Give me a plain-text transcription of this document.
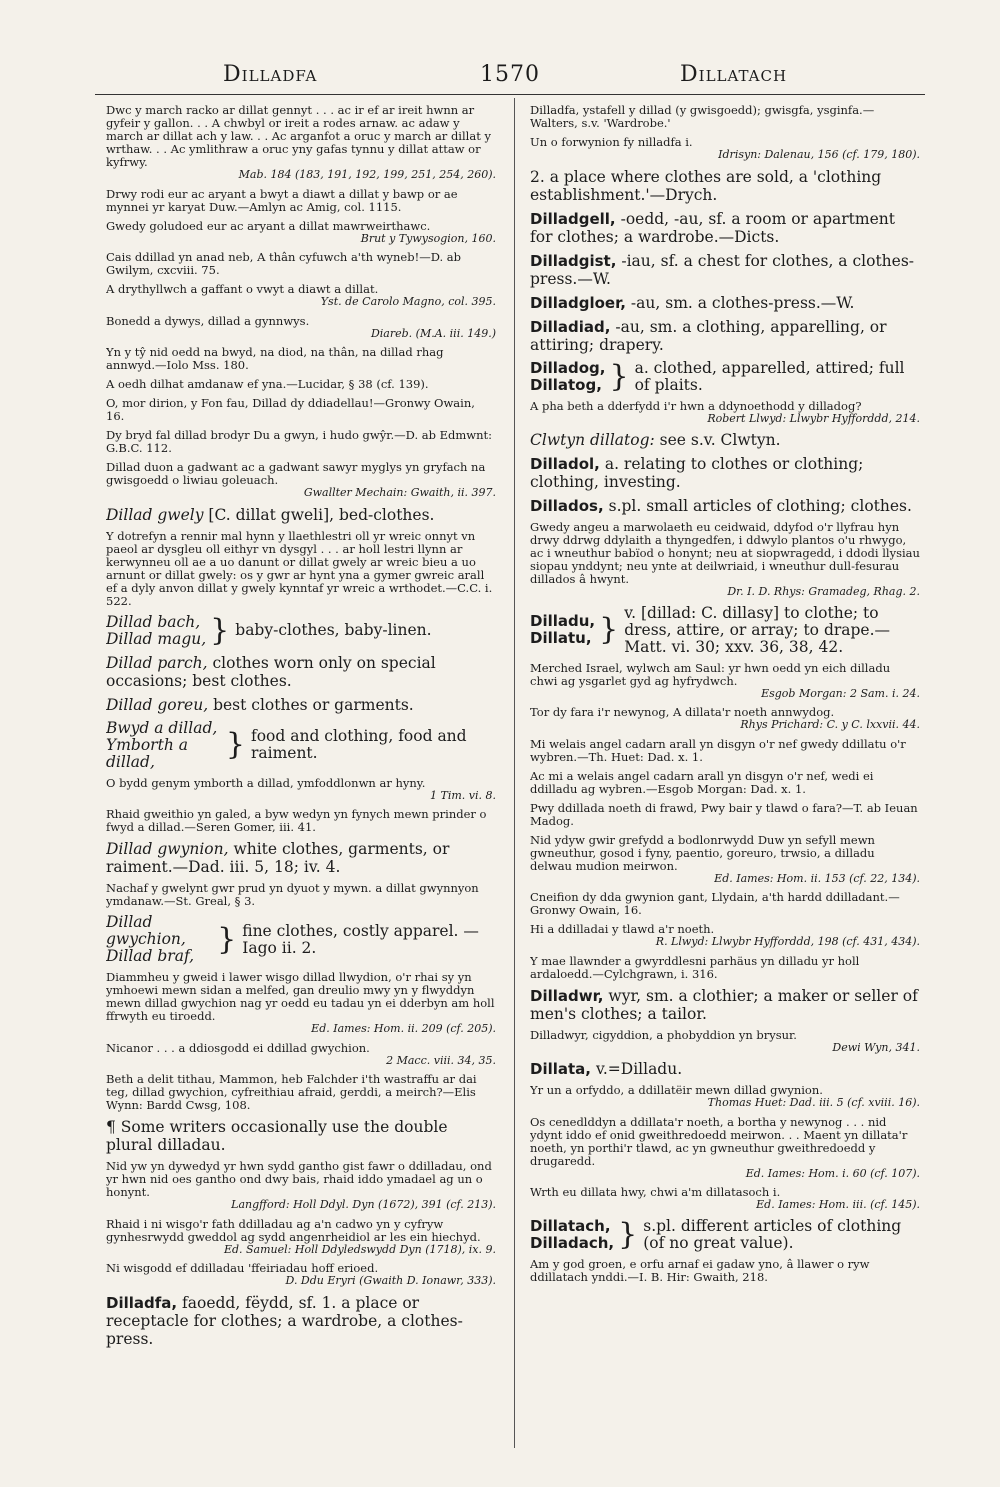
Dilladfa	1570	Dillatach
Dwc y march racko ar dillat gennyt . . . ac ir ef ar ireit hwnn ar gyfeir y gallon. . . A chwbyl or ireit a rodes arnaw. ac adaw y march ar dillat ach y law. . . Ac arganfot a oruc y march ar dillat y wrthaw. . . Ac ymlithraw a oruc yny gafas tynnu y dillat attaw or kyfrwy.
Mab. 184 (183, 191, 192, 199, 251, 254, 260).
Drwy rodi eur ac aryant a bwyt a diawt a dillat y bawp or ae mynnei yr karyat Duw.—Amlyn ac Amig, col. 1115.
Gwedy goludoed eur ac aryant a dillat mawrweirthawc.
Brut y Tywysogion, 160.
Cais ddillad yn anad neb, A thân cyfuwch a'th wyneb!—D. ab Gwilym, cxcviii. 75.
A drythyllwch a gaffant o vwyt a diawt a dillat.
Yst. de Carolo Magno, col. 395.
Bonedd a dywys, dillad a gynnwys.
Diareb. (M.A. iii. 149.)
Yn y tŷ nid oedd na bwyd, na diod, na thân, na dillad rhag annwyd.—Iolo Mss. 180.
A oedh dilhat amdanaw ef yna.—Lucidar, § 38 (cf. 139).
O, mor dirion, y Fon fau, Dillad dy ddiadellau!—Gronwy Owain, 16.
Dy bryd fal dillad brodyr Du a gwyn, i hudo gwŷr.—D. ab Edmwnt: G.B.C. 112.
Dillad duon a gadwant ac a gadwant sawyr myglys yn gryfach na gwisgoedd o liwiau goleuach.
Gwallter Mechain: Gwaith, ii. 397.
Dillad gwely [C. dillat gweli], bed-clothes.
Y dotrefyn a rennir mal hynn y llaethlestri oll yr wreic onnyt vn paeol ar dysgleu oll eithyr vn dysgyl . . . ar holl lestri llynn ar kerwynneu oll ae a uo danunt or dillat gwely ar wreic bieu a uo arnunt or dillat gwely: os y gwr ar hynt yna a gymer gwreic arall ef a dyly anvon dillat y gwely kynntaf yr wreic a wrthodet.—C.C. i. 522.
Dillad bach,
Dillad magu, } baby-clothes, baby-linen.
Dillad parch, clothes worn only on special occasions; best clothes.
Dillad goreu, best clothes or garments.
Bwyd a dillad,
Ymborth a dillad,	} food and clothing, food and raiment.
O bydd genym ymborth a dillad, ymfoddlonwn ar hyny.
1 Tim. vi. 8.
Rhaid gweithio yn galed, a byw wedyn yn fynych mewn prinder o fwyd a dillad.—Seren Gomer, iii. 41.
Dillad gwynion, white clothes, garments, or raiment.—Dad. iii. 5, 18; iv. 4.
Nachaf y gwelynt gwr prud yn dyuot y mywn. a dillat gwynnyon ymdanaw.—St. Greal, § 3.
Dillad gwychion,
Dillad braf, } fine clothes, costly apparel. —Iago ii. 2.
Diammheu y gweid i lawer wisgo dillad llwydion, o'r rhai sy yn ymhoewi mewn sidan a melfed, gan dreulio mwy yn y flwyddyn mewn dillad gwychion nag yr oedd eu tadau yn ei dderbyn am holl ffrwyth eu tiroedd.
Ed. Iames: Hom. ii. 209 (cf. 205).
Nicanor . . . a ddiosgodd ei ddillad gwychion.
2 Macc. viii. 34, 35.
Beth a delit tithau, Mammon, heb Falchder i'th wastraffu ar dai teg, dillad gwychion, cyfreithiau afraid, gerddi, a meirch?—Elis Wynn: Bardd Cwsg, 108.
¶ Some writers occasionally use the double plural dilladau.
Nid yw yn dywedyd yr hwn sydd gantho gist fawr o ddilladau, ond yr hwn nid oes gantho ond dwy bais, rhaid iddo ymadael ag un o honynt.
Langfford: Holl Ddyl. Dyn (1672), 391 (cf. 213).
Rhaid i ni wisgo'r fath ddilladau ag a'n cadwo yn y cyfryw gynhesrwydd gweddol ag sydd angenrheidiol ar les ein hiechyd.
Ed. Samuel: Holl Ddyledswydd Dyn (1718), ix. 9.
Ni wisgodd ef ddilladau 'ffeiriadau hoff erioed.
D. Ddu Eryri (Gwaith D. Ionawr, 333).
Dilladfa, faoedd, fëydd, sf. 1. a place or receptacle for clothes; a wardrobe, a clothes-press.
Dilladfa, ystafell y dillad (y gwisgoedd); gwisgfa, ysginfa.—Walters, s.v. 'Wardrobe.'
Un o forwynion fy nilladfa i.
Idrisyn: Dalenau, 156 (cf. 179, 180).
2. a place where clothes are sold, a 'clothing establishment.'—Drych.
Dilladgell, -oedd, -au, sf. a room or apartment for clothes; a wardrobe.—Dicts.
Dilladgist, -iau, sf. a chest for clothes, a clothes-press.—W.
Dilladgloer, -au, sm. a clothes-press.—W.
Dilladiad, -au, sm. a clothing, apparelling, or attiring; drapery.
Dilladog,
Dillatog, } a. clothed, apparelled, attired; full of plaits.
A pha beth a dderfydd i'r hwn a ddynoethodd y dilladog?
Robert Llwyd: Llwybr Hyfforddd, 214.
Clwtyn dillatog: see s.v. Clwtyn.
Dilladol, a. relating to clothes or clothing; clothing, investing.
Dillados, s.pl. small articles of clothing; clothes.
Gwedy angeu a marwolaeth eu ceidwaid, ddyfod o'r llyfrau hyn drwy ddrwg ddylaith a thyngedfen, i ddwylo plantos o'u rhwygo, ac i wneuthur babïod o honynt; neu at siopwragedd, i ddodi llysiau siopau ynddynt; neu ynte at deilwriaid, i wneuthur dull-fesurau dillados â hwynt.
Dr. I. D. Rhys: Gramadeg, Rhag. 2.
Dilladu,
Dillatu, } v. [dillad: C. dillasy] to clothe; to dress, attire, or array; to drape.—Matt. vi. 30; xxv. 36, 38, 42.
Merched Israel, wylwch am Saul: yr hwn oedd yn eich dilladu chwi ag ysgarlet gyd ag hyfrydwch.
Esgob Morgan: 2 Sam. i. 24.
Tor dy fara i'r newynog, A dillata'r noeth annwydog.
Rhys Prichard: C. y C. lxxvii. 44.
Mi welais angel cadarn arall yn disgyn o'r nef gwedy ddillatu o'r wybren.—Th. Huet: Dad. x. 1.
Ac mi a welais angel cadarn arall yn disgyn o'r nef, wedi ei ddilladu ag wybren.—Esgob Morgan: Dad. x. 1.
Pwy ddillada noeth di frawd, Pwy bair y tlawd o fara?—T. ab Ieuan Madog.
Nid ydyw gwir grefydd a bodlonrwydd Duw yn sefyll mewn gwneuthur, gosod i fyny, paentio, goreuro, trwsio, a dilladu delwau mudion meirwon.
Ed. Iames: Hom. ii. 153 (cf. 22, 134).
Cneifion dy dda gwynion gant, Llydain, a'th hardd ddilladant.—Gronwy Owain, 16.
Hi a ddilladai y tlawd a'r noeth.
R. Llwyd: Llwybr Hyfforddd, 198 (cf. 431, 434).
Y mae llawnder a gwyrddlesni parhäus yn dilladu yr holl ardaloedd.—Cylchgrawn, i. 316.
Dilladwr, wyr, sm. a clothier; a maker or seller of men's clothes; a tailor.
Dilladwyr, cigyddion, a phobyddion yn brysur.
Dewi Wyn, 341.
Dillata, v.=Dilladu.
Yr un a orfyddo, a ddillatëir mewn dillad gwynion.
Thomas Huet: Dad. iii. 5 (cf. xviii. 16).
Os cenedlddyn a ddillata'r noeth, a bortha y newynog . . . nid ydynt iddo ef onid gweithredoedd meirwon. . . Maent yn dillata'r noeth, yn porthi'r tlawd, ac yn gwneuthur gweithredoedd y drugaredd.
Ed. Iames: Hom. i. 60 (cf. 107).
Wrth eu dillata hwy, chwi a'm dillatasoch i.
Ed. Iames: Hom. iii. (cf. 145).
Dillatach,
Dilladach, } s.pl. different articles of clothing (of no great value).
Am y god groen, e orfu arnaf ei gadaw yno, â llawer o ryw ddillatach ynddi.—I. B. Hir: Gwaith, 218.
